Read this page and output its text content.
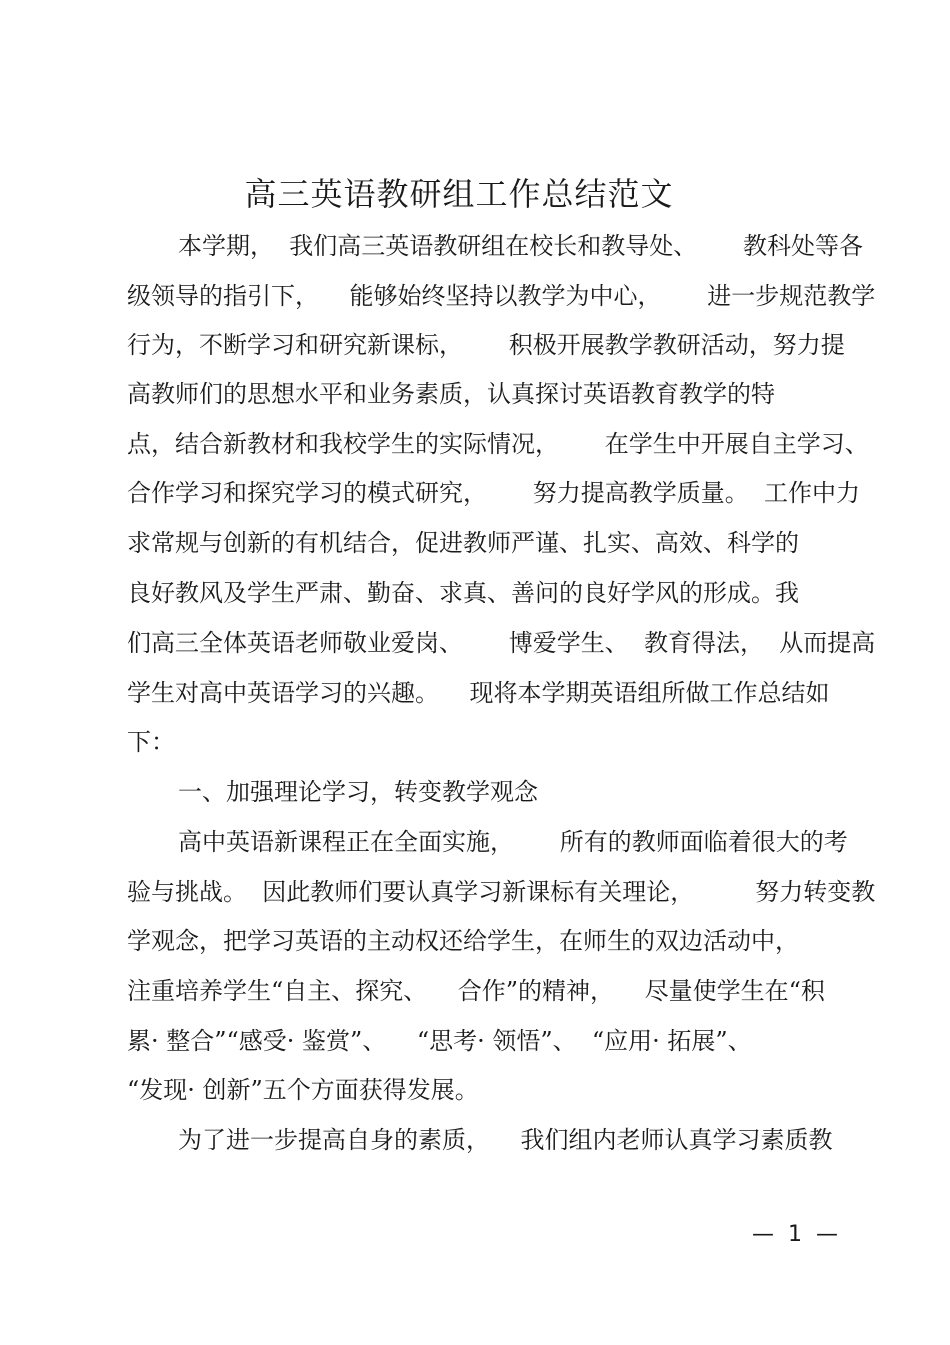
高三英语教研组工作总结范文
本学期，  我们高三英语教研组在校长和教导处、      教科处等各
级领导的指引下，    能够始终坚持以教学为中心，      进一步规范教学
行为，不断学习和研究新课标，      积极开展教学教研活动，努力提
高教师们的思想水平和业务素质，认真探讨英语教育教学的特
点，结合新教材和我校学生的实际情况，      在学生中开展自主学习、
合作学习和探究学习的模式研究，      努力提高教学质量。  工作中力
求常规与创新的有机结合，促进教师严谨、扎实、高效、科学的
良好教风及学生严肃、勤奋、求真、善问的良好学风的形成。我
们高三全体英语老师敬业爱岗、      博爱学生、  教育得法，  从而提高
学生对高中英语学习的兴趣。    现将本学期英语组所做工作总结如
下：
一、加强理论学习，转变教学观念
高中英语新课程正在全面实施，      所有的教师面临着很大的考
验与挑战。  因此教师们要认真学习新课标有关理论，        努力转变教
学观念，把学习英语的主动权还给学生，在师生的双边活动中，
注重培养学生“自主、探究、    合作”的精神，    尽量使学生在“积
累· 整合”“感受· 鉴赏”、    “思考· 领悟”、  “应用· 拓展”、
“发现· 创新”五个方面获得发展。
为了进一步提高自身的素质，    我们组内老师认真学习素质教
—  1  —
